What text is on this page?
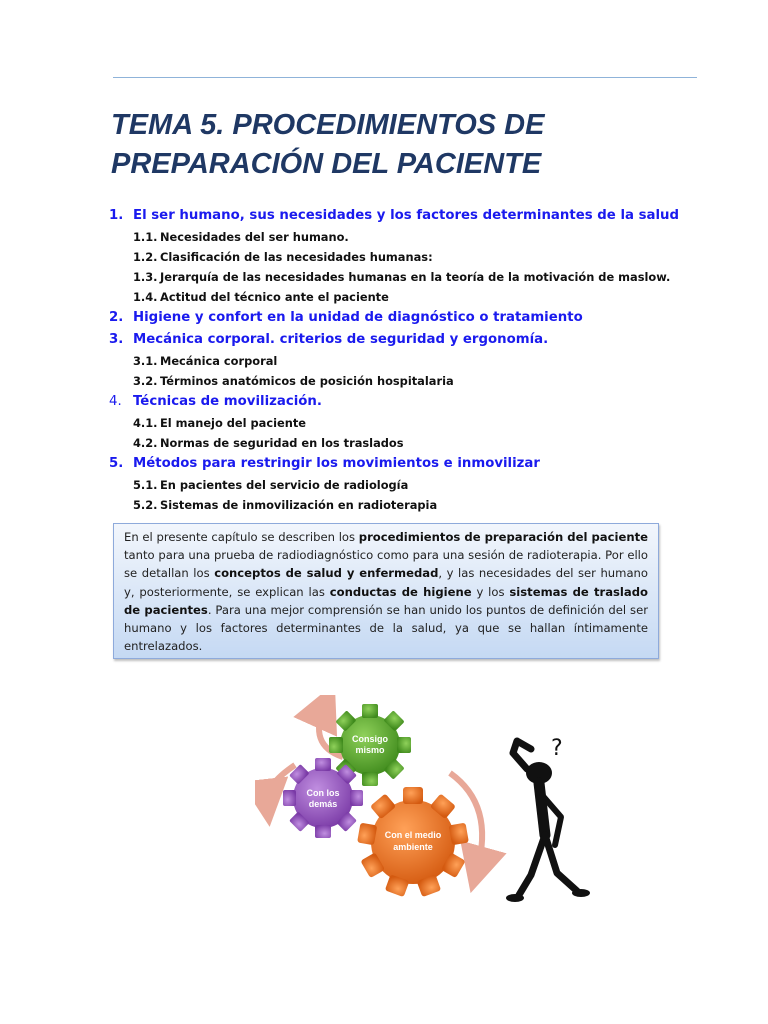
TEMA 5. PROCEDIMIENTOS DE
PREPARACIÓN DEL PACIENTE
1. El ser humano, sus necesidades y los factores determinantes de la salud
1.1. Necesidades del ser humano.
1.2. Clasificación de las necesidades humanas:
1.3. Jerarquía de las necesidades humanas en la teoría de la motivación de maslow.
1.4. Actitud del técnico ante el paciente
2. Higiene y confort en la unidad de diagnóstico o tratamiento
3. Mecánica corporal. criterios de seguridad y ergonomía.
3.1. Mecánica corporal
3.2. Términos anatómicos de posición hospitalaria
4. Técnicas de movilización.
4.1. El manejo del paciente
4.2. Normas de seguridad en los traslados
5. Métodos para restringir los movimientos e inmovilizar
5.1. En pacientes del servicio de radiología
5.2. Sistemas de inmovilización en radioterapia
En el presente capítulo se describen los procedimientos de preparación del paciente tanto para una prueba de radiodiagnóstico como para una sesión de radioterapia. Por ello se detallan los conceptos de salud y enfermedad, y las necesidades del ser humano y, posteriormente, se explican las conductas de higiene y los sistemas de traslado de pacientes. Para una mejor comprensión se han unido los puntos de definición del ser humano y los factores determinantes de la salud, ya que se hallan íntimamente entrelazados.
Consigo
mismo
Con los
demás
Con el medio
ambiente
?
